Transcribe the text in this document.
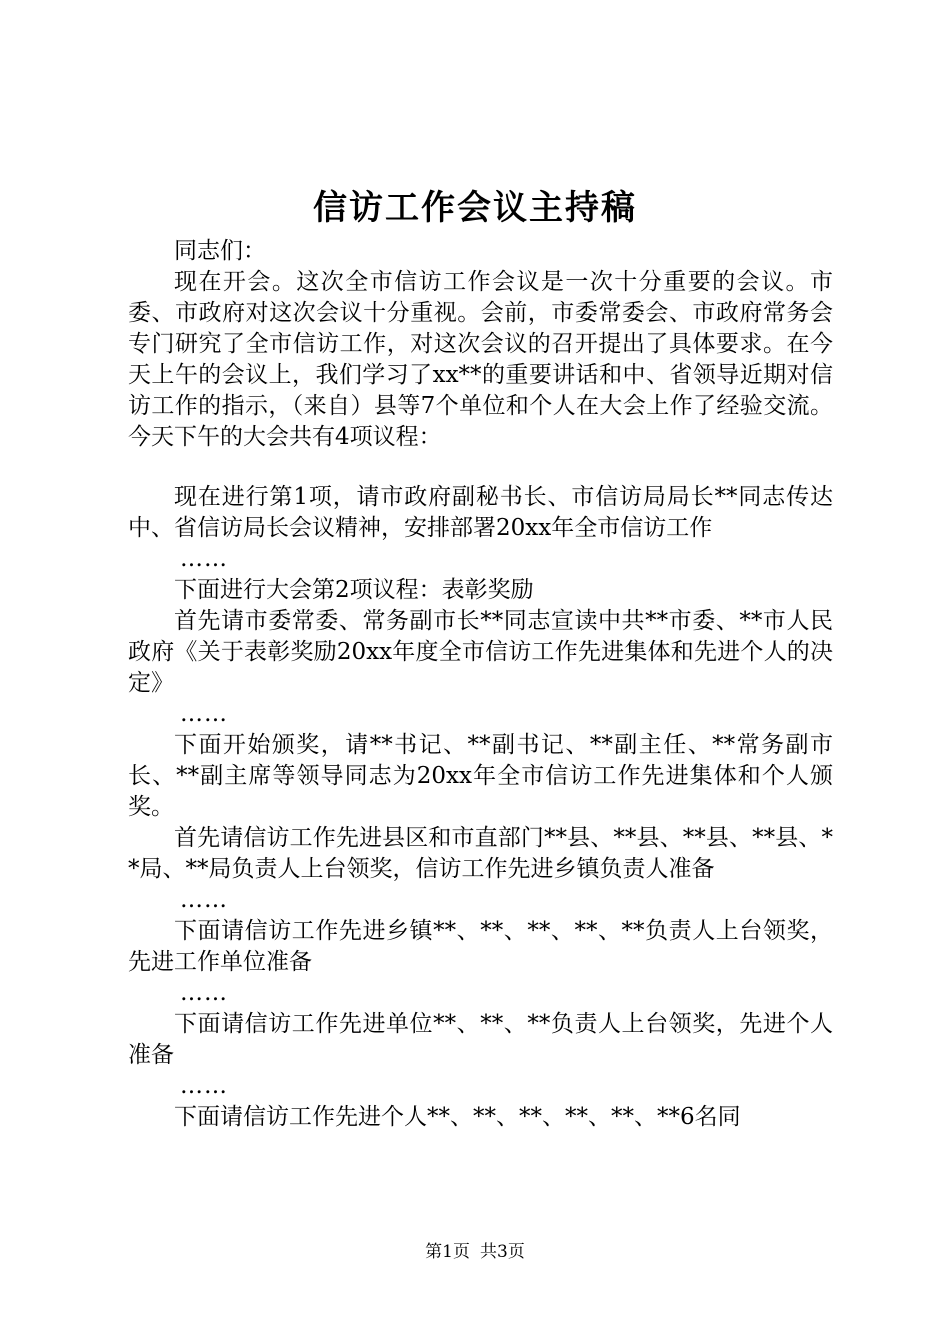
信访工作会议主持稿

同志们：

现在开会。这次全市信访工作会议是一次十分重要的会议。市委、市政府对这次会议十分重视。会前，市委常委会、市政府常务会专门研究了全市信访工作，对这次会议的召开提出了具体要求。在今天上午的会议上，我们学习了xx**的重要讲话和中、省领导近期对信访工作的指示，（来自）县等7个单位和个人在大会上作了经验交流。今天下午的大会共有4项议程：

现在进行第1项，请市政府副秘书长、市信访局局长**同志传达中、省信访局长会议精神，安排部署20xx年全市信访工作

……

下面进行大会第2项议程：表彰奖励

首先请市委常委、常务副市长**同志宣读中共**市委、**市人民政府《关于表彰奖励20xx年度全市信访工作先进集体和先进个人的决定》

……

下面开始颁奖，请**书记、**副书记、**副主任、**常务副市长、**副主席等领导同志为20xx年全市信访工作先进集体和个人颁奖。

首先请信访工作先进县区和市直部门**县、**县、**县、**县、**局、**局负责人上台领奖，信访工作先进乡镇负责人准备

……

下面请信访工作先进乡镇**、**、**、**、**负责人上台领奖，先进工作单位准备

……

下面请信访工作先进单位**、**、**负责人上台领奖，先进个人准备

……

下面请信访工作先进个人**、**、**、**、**、**6名同

第1页 共3页
